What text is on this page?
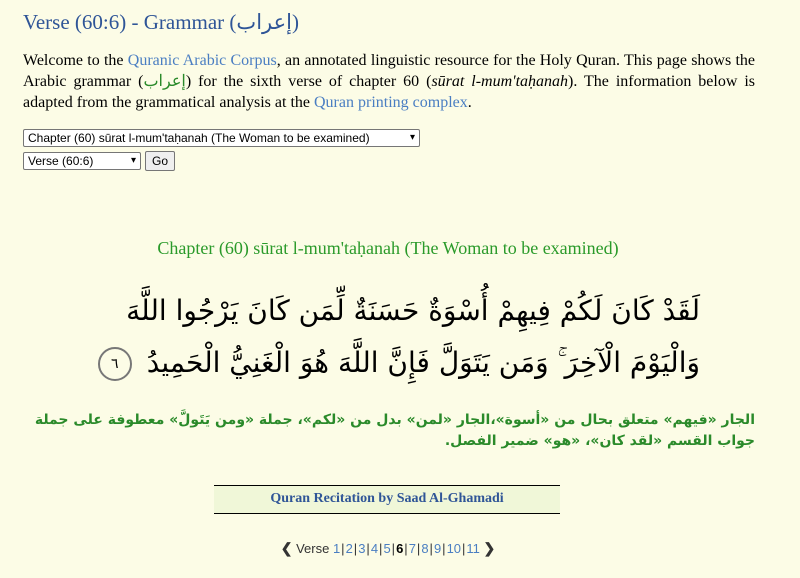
Verse (60:6) - Grammar (إعراب)
Welcome to the Quranic Arabic Corpus, an annotated linguistic resource for the Holy Quran. This page shows the Arabic grammar (إعراب) for the sixth verse of chapter 60 (sūrat l-mum'taḥanah). The information below is adapted from the grammatical analysis at the Quran printing complex.
Chapter (60) sūrat l-mum'taḥanah (The Woman to be examined)	▾
Verse (60:6)	▾	Go
Chapter (60) sūrat l-mum'taḥanah (The Woman to be examined)
لَقَدْ كَانَ لَكُمْ فِيهِمْ أُسْوَةٌ حَسَنَةٌ لِّمَن كَانَ يَرْجُوا اللَّهَ وَالْيَوْمَ الْآخِرَ ۚ وَمَن يَتَوَلَّ فَإِنَّ اللَّهَ هُوَ الْغَنِيُّ الْحَمِيدُ ٦
الجار «فيهم» متعلق بحال من «أسوة»،الجار «لمن» بدل من «لكم»، جملة «ومن يَتَولَّ» معطوفة على جملة جواب القسم «لقد كان»، «هو» ضمير الفصل.
Quran Recitation by Saad Al-Ghamadi
❮ Verse 1|2|3|4|5|6|7|8|9|10|11 ❯
